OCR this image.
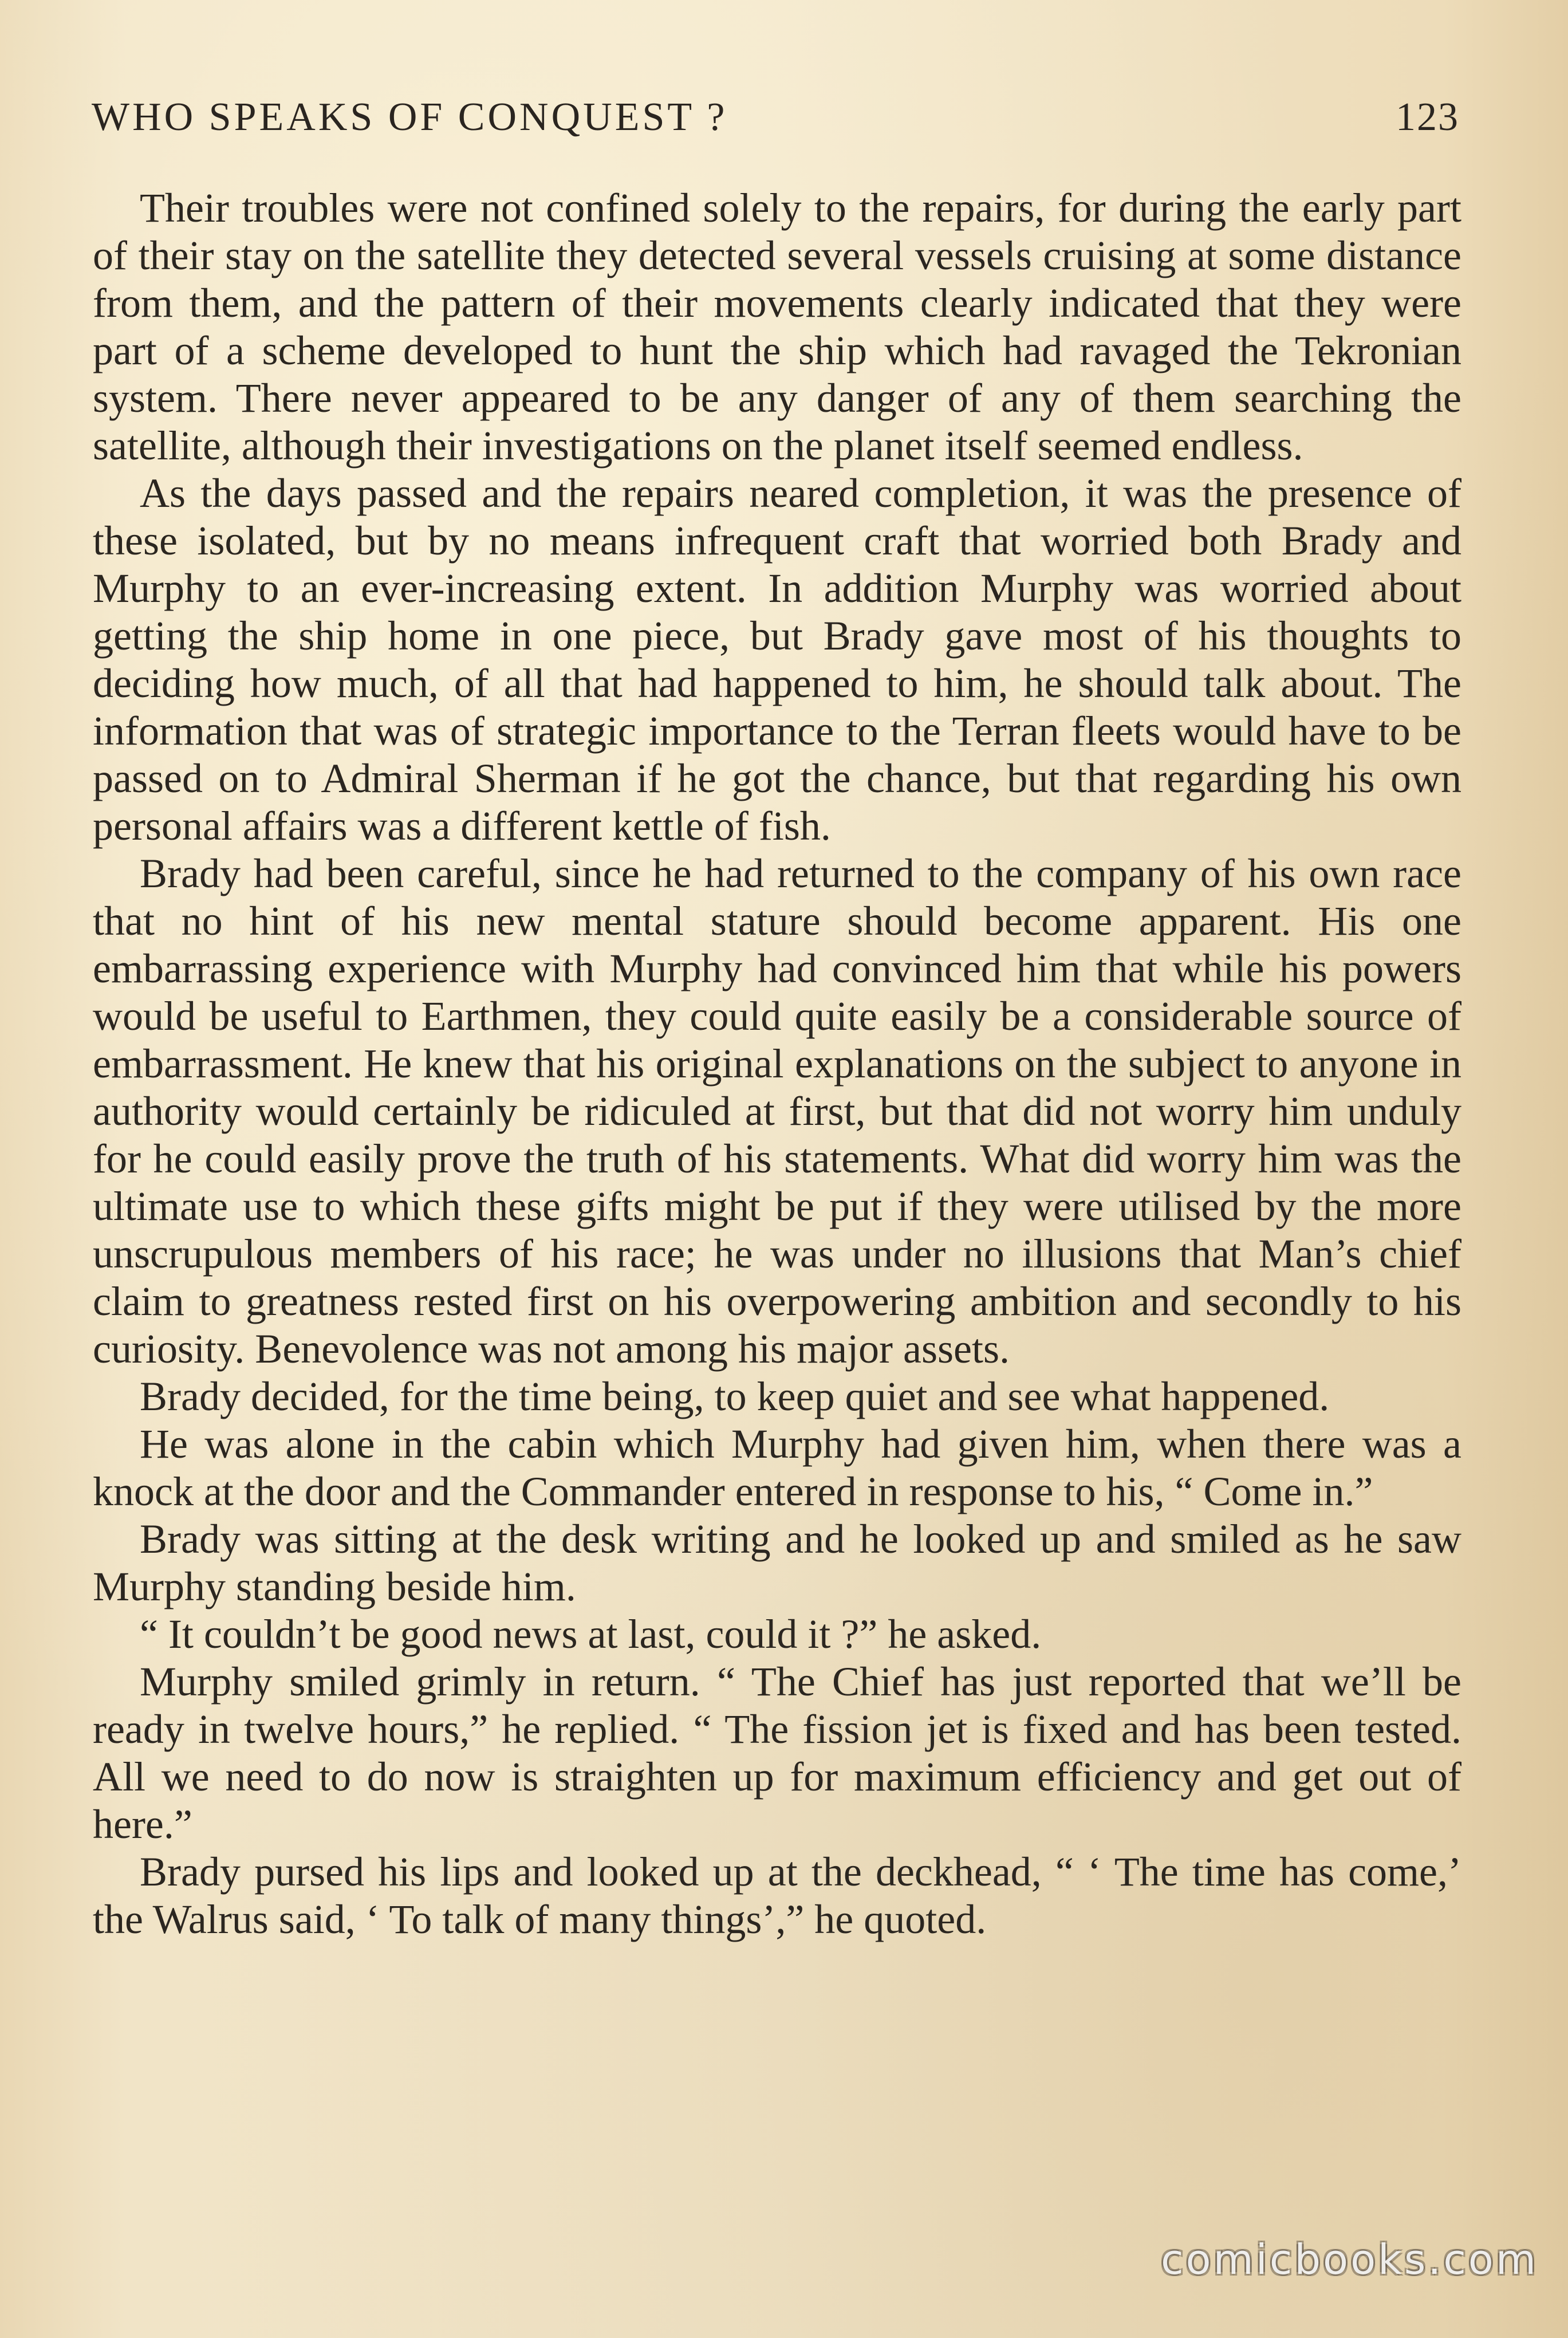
WHO SPEAKS OF CONQUEST ?	123

Their troubles were not confined solely to the repairs, for during the early part of their stay on the satellite they detected several vessels cruising at some distance from them, and the pattern of their movements clearly indicated that they were part of a scheme developed to hunt the ship which had ravaged the Tekronian system. There never appeared to be any danger of any of them searching the satellite, although their investigations on the planet itself seemed endless.

As the days passed and the repairs neared completion, it was the presence of these isolated, but by no means infrequent craft that worried both Brady and Murphy to an ever-increasing extent. In addition Murphy was worried about getting the ship home in one piece, but Brady gave most of his thoughts to deciding how much, of all that had happened to him, he should talk about. The information that was of strategic importance to the Terran fleets would have to be passed on to Admiral Sherman if he got the chance, but that regarding his own personal affairs was a different kettle of fish.

Brady had been careful, since he had returned to the company of his own race that no hint of his new mental stature should become apparent. His one embarrassing experience with Murphy had convinced him that while his powers would be useful to Earthmen, they could quite easily be a considerable source of embarrassment. He knew that his original explanations on the subject to anyone in authority would certainly be ridiculed at first, but that did not worry him unduly for he could easily prove the truth of his statements. What did worry him was the ultimate use to which these gifts might be put if they were utilised by the more unscrupulous members of his race; he was under no illusions that Man’s chief claim to greatness rested first on his overpowering ambition and secondly to his curiosity. Benevolence was not among his major assets.

Brady decided, for the time being, to keep quiet and see what happened.

He was alone in the cabin which Murphy had given him, when there was a knock at the door and the Commander entered in response to his, “ Come in.”

Brady was sitting at the desk writing and he looked up and smiled as he saw Murphy standing beside him.

“ It couldn’t be good news at last, could it ?” he asked.

Murphy smiled grimly in return. “ The Chief has just reported that we’ll be ready in twelve hours,” he replied. “ The fission jet is fixed and has been tested. All we need to do now is straighten up for maximum efficiency and get out of here.”

Brady pursed his lips and looked up at the deckhead, “ ‘ The time has come,’ the Walrus said, ‘ To talk of many things’,” he quoted.

comicbooks.com
